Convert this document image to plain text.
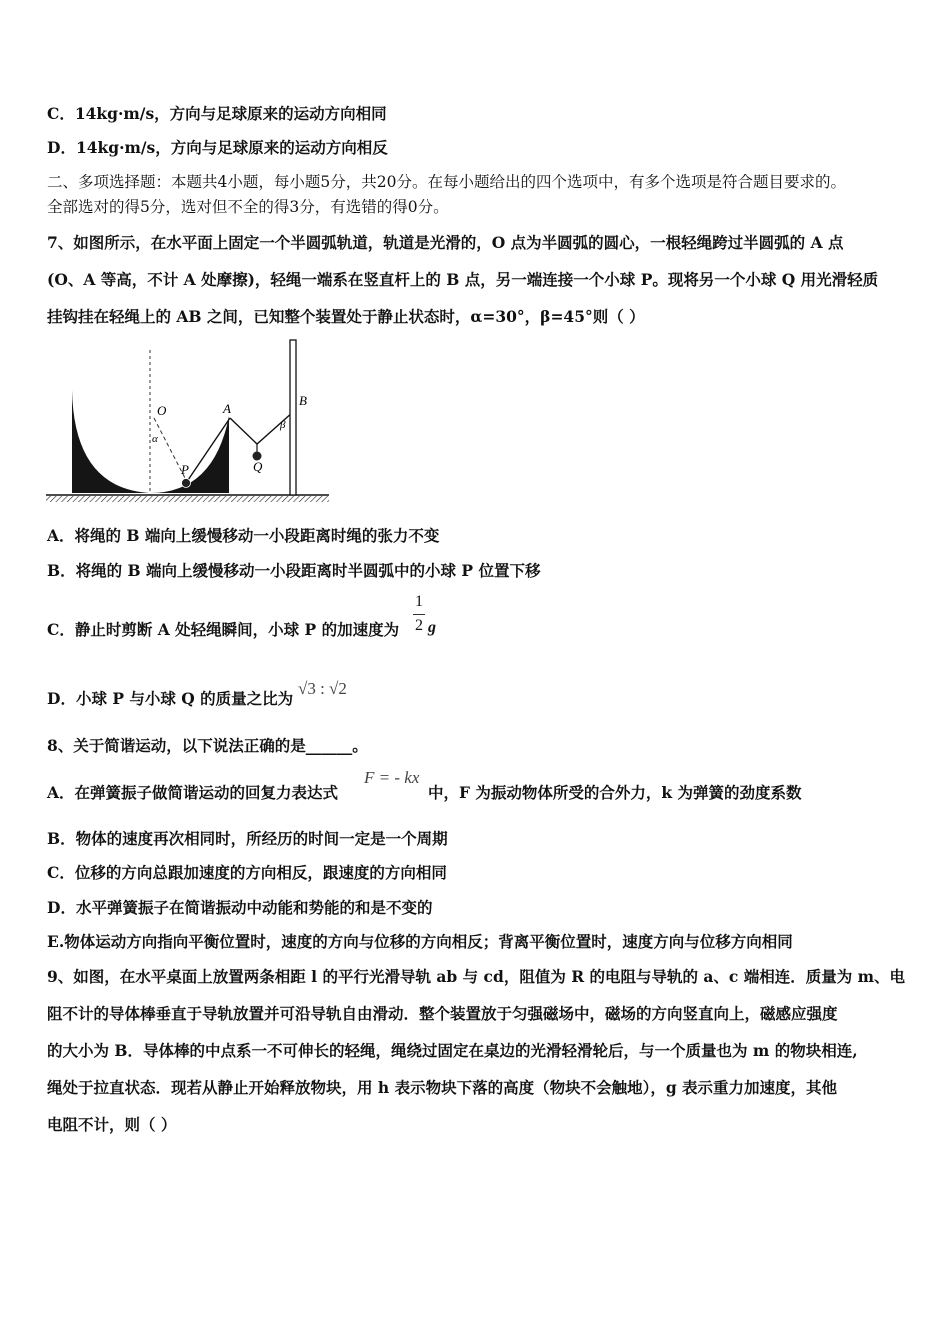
C．14kg·m/s，方向与足球原来的运动方向相同
D．14kg·m/s，方向与足球原来的运动方向相反
二、多项选择题：本题共4小题，每小题5分，共20分。在每小题给出的四个选项中，有多个选项是符合题目要求的。
全部选对的得5分，选对但不全的得3分，有选错的得0分。
7、如图所示，在水平面上固定一个半圆弧轨道，轨道是光滑的，O 点为半圆弧的圆心，一根轻绳跨过半圆弧的 A 点
(O、A 等高，不计 A 处摩擦)，轻绳一端系在竖直杆上的 B 点，另一端连接一个小球 P。现将另一个小球 Q 用光滑轻质
挂钩挂在轻绳上的 AB 之间，已知整个装置处于静止状态时，α=30°，β=45°则（ ）
O	A
B
P	Q
α
β
A．将绳的 B 端向上缓慢移动一小段距离时绳的张力不变
B．将绳的 B 端向上缓慢移动一小段距离时半圆弧中的小球 P 位置下移
C．静止时剪断 A 处轻绳瞬间，小球 P 的加速度为
1
2 g
D．小球 P 与小球 Q 的质量之比为
√3 : √2
8、关于简谐运动，以下说法正确的是______。
A．在弹簧振子做简谐运动的回复力表达式
F = - kx
中，F 为振动物体所受的合外力，k 为弹簧的劲度系数
B．物体的速度再次相同时，所经历的时间一定是一个周期
C．位移的方向总跟加速度的方向相反，跟速度的方向相同
D．水平弹簧振子在简谐振动中动能和势能的和是不变的
E.物体运动方向指向平衡位置时，速度的方向与位移的方向相反；背离平衡位置时，速度方向与位移方向相同
9、如图，在水平桌面上放置两条相距 l 的平行光滑导轨 ab 与 cd，阻值为 R 的电阻与导轨的 a、c 端相连．质量为 m、电
阻不计的导体棒垂直于导轨放置并可沿导轨自由滑动．整个装置放于匀强磁场中，磁场的方向竖直向上，磁感应强度
的大小为 B．导体棒的中点系一不可伸长的轻绳，绳绕过固定在桌边的光滑轻滑轮后，与一个质量也为 m 的物块相连,
绳处于拉直状态．现若从静止开始释放物块，用 h 表示物块下落的高度（物块不会触地），g 表示重力加速度，其他
电阻不计，则（ ）
